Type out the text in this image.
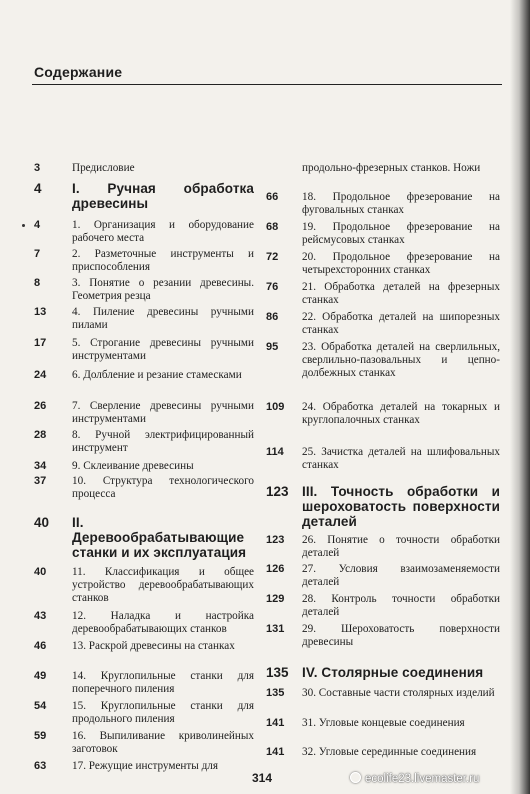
Содержание
3	Предисловие
4 I. Ручная обработка древесины
4	1. Организация и оборудование рабочего места
7	2. Разметочные инструменты и приспособления
8	3. Понятие о резании древесины. Геометрия резца
13 4. Пиление древесины ручными пилами
17 5. Строгание древесины ручными инструментами
24 6. Долбление и резание стамесками
26 7. Сверление древесины ручными инструментами
28 8. Ручной электрифицированный инструмент
34 9. Склеивание древесины
37 10. Структура технологического процесса
40 II. Деревообрабатывающие станки и их эксплуатация
40 11. Классификация и общее устройство деревообрабатывающих станков
43 12. Наладка и настройка деревообрабатывающих станков
46 13. Раскрой древесины на станках
49 14. Круглопильные станки для поперечного пиления
54 15. Круглопильные станки для продольного пиления
59 16. Выпиливание криволинейных заготовок
63 17. Режущие инструменты для
продольно-фрезерных станков. Ножи
66 18. Продольное фрезерование на фуговальных станках
68 19. Продольное фрезерование на рейсмусовых станках
72 20. Продольное фрезерование на четырехсторонних станках
76 21. Обработка деталей на фрезерных станках
86 22. Обработка деталей на шипорезных станках
95 23. Обработка деталей на сверлильных, сверлильно-пазовальных и цепно-долбежных станках
109 24. Обработка деталей на токарных и круглопалочных станках
114 25. Зачистка деталей на шлифовальных станках
123 III. Точность обработки и шероховатость поверхности деталей
123 26. Понятие о точности обработки деталей
126 27. Условия взаимозаменяемости деталей
129 28. Контроль точности обработки деталей
131 29. Шероховатость поверхности древесины
135 IV. Столярные соединения
135 30. Составные части столярных изделий
141 31. Угловые концевые соединения
141 32. Угловые серединные соединения
314	ecolife23.livemaster.ru
